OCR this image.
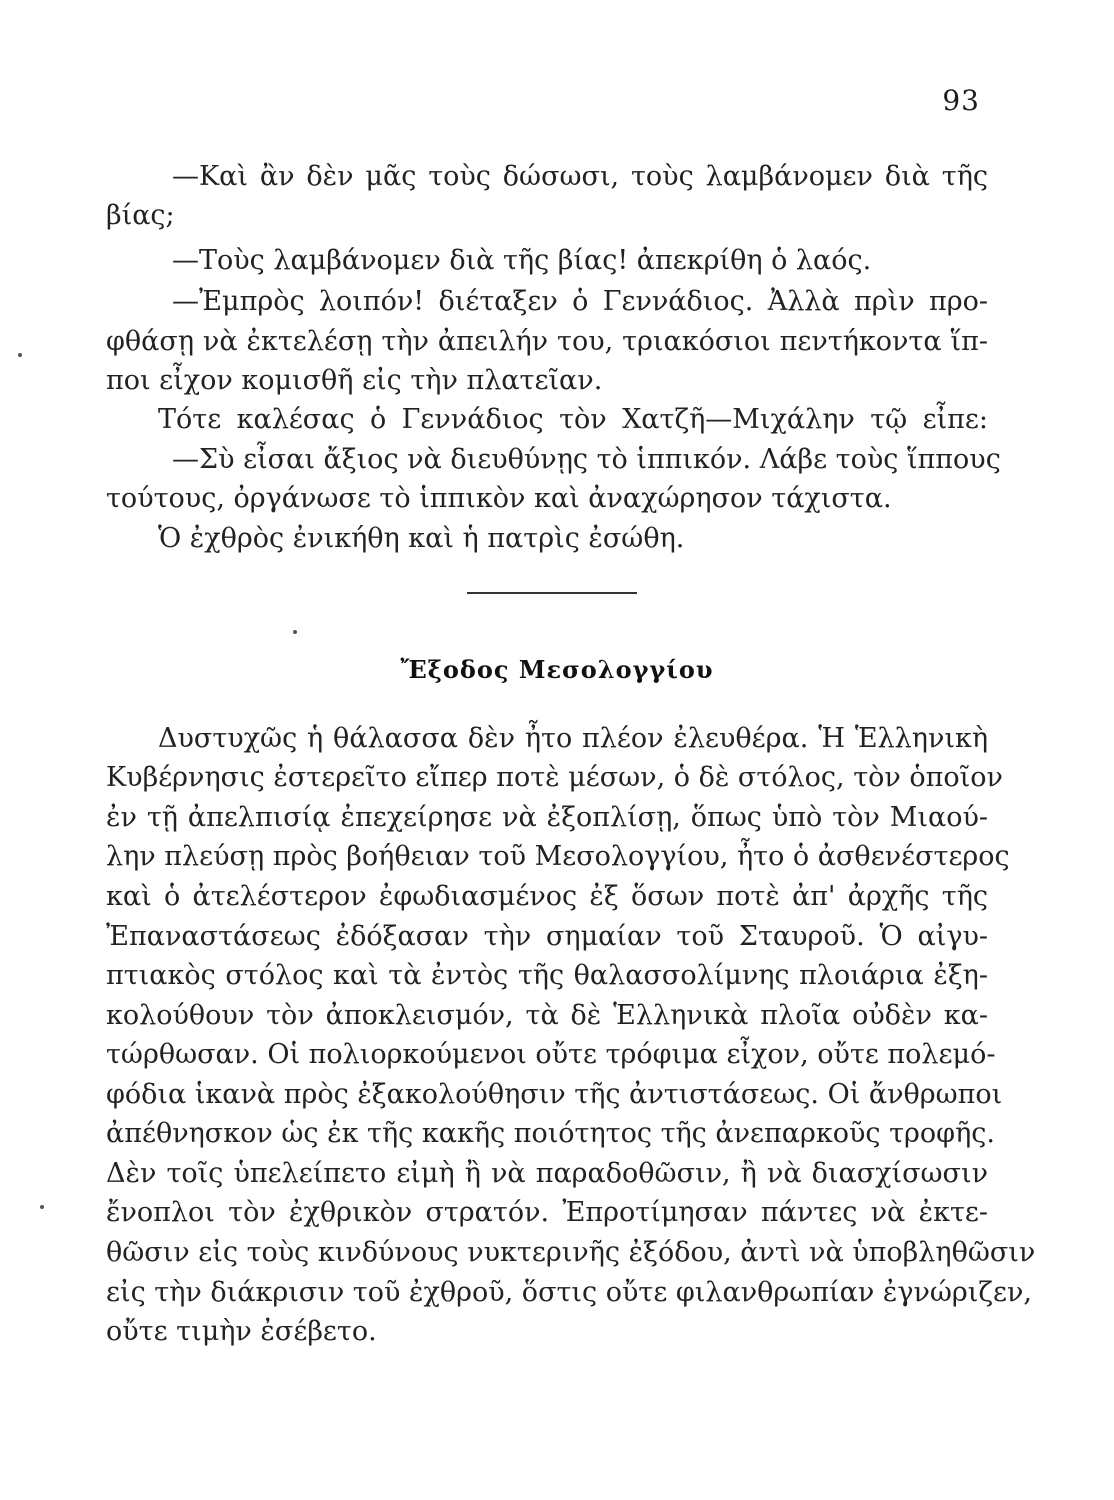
93
—Καὶ ἂν δὲν μᾶς τοὺς δώσωσι, τοὺς λαμβάνομεν διὰ τῆς
βίας;
—Τοὺς λαμβάνομεν διὰ τῆς βίας! ἀπεκρίθη ὁ λαός.
—Ἐμπρὸς λοιπόν! διέταξεν ὁ Γεννάδιος. Ἀλλὰ πρὶν προ-
φθάσῃ νὰ ἐκτελέσῃ τὴν ἀπειλήν του, τριακόσιοι πεντήκοντα ἵπ-
ποι εἶχον κομισθῆ εἰς τὴν πλατεῖαν.
Τότε καλέσας ὁ Γεννάδιος τὸν Χατζῆ—Μιχάλην τῷ εἶπε:
—Σὺ εἶσαι ἄξιος νὰ διευθύνῃς τὸ ἱππικόν. Λάβε τοὺς ἵππους
τούτους, ὀργάνωσε τὸ ἱππικὸν καὶ ἀναχώρησον τάχιστα.
Ὁ ἐχθρὸς ἐνικήθη καὶ ἡ πατρὶς ἐσώθη.
Ἔξοδος Μεσολογγίου
Δυστυχῶς ἡ θάλασσα δὲν ἦτο πλέον ἐλευθέρα. Ἡ Ἑλληνικὴ
Κυβέρνησις ἐστερεῖτο εἴπερ ποτὲ μέσων, ὁ δὲ στόλος, τὸν ὁποῖον
ἐν τῇ ἀπελπισίᾳ ἐπεχείρησε νὰ ἐξοπλίσῃ, ὅπως ὑπὸ τὸν Μιαού-
λην πλεύσῃ πρὸς βοήθειαν τοῦ Μεσολογγίου, ἦτο ὁ ἀσθενέστερος
καὶ ὁ ἀτελέστερον ἐφωδιασμένος ἐξ ὅσων ποτὲ ἀπ' ἀρχῆς τῆς
Ἐπαναστάσεως ἐδόξασαν τὴν σημαίαν τοῦ Σταυροῦ. Ὁ αἰγυ-
πτιακὸς στόλος καὶ τὰ ἐντὸς τῆς θαλασσολίμνης πλοιάρια ἐξη-
κολούθουν τὸν ἀποκλεισμόν, τὰ δὲ Ἑλληνικὰ πλοῖα οὐδὲν κα-
τώρθωσαν. Οἱ πολιορκούμενοι οὔτε τρόφιμα εἶχον, οὔτε πολεμό-
φόδια ἱκανὰ πρὸς ἐξακολούθησιν τῆς ἀντιστάσεως. Οἱ ἄνθρωποι
ἀπέθνησκον ὡς ἐκ τῆς κακῆς ποιότητος τῆς ἀνεπαρκοῦς τροφῆς.
Δὲν τοῖς ὑπελείπετο εἰμὴ ἢ νὰ παραδοθῶσιν, ἢ νὰ διασχίσωσιν
ἔνοπλοι τὸν ἐχθρικὸν στρατόν. Ἐπροτίμησαν πάντες νὰ ἐκτε-
θῶσιν εἰς τοὺς κινδύνους νυκτερινῆς ἐξόδου, ἀντὶ νὰ ὑποβληθῶσιν
εἰς τὴν διάκρισιν τοῦ ἐχθροῦ, ὅστις οὔτε φιλανθρωπίαν ἐγνώριζεν,
οὔτε τιμὴν ἐσέβετο.
